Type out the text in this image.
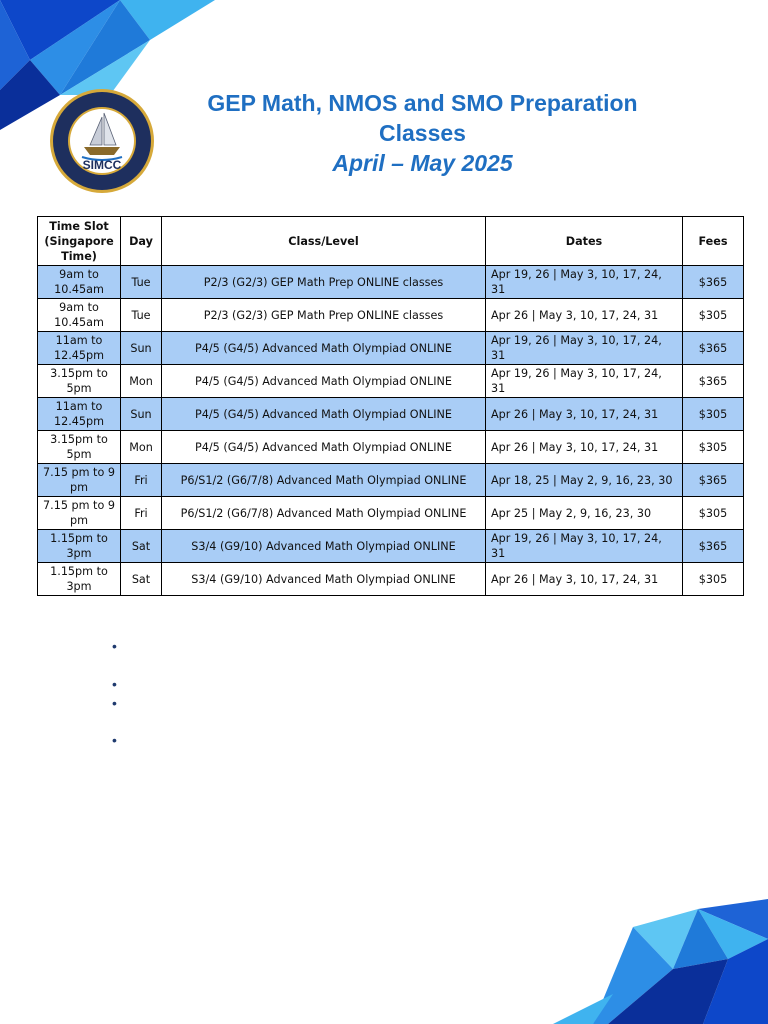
SIMCC
GEP Math, NMOS and SMO Preparation
Classes
April – May 2025
Time Slot (Singapore Time)	Day	Class/Level	Dates	Fees
9am to 10.45am	Tue	P2/3 (G2/3) GEP Math Prep ONLINE classes	Apr 19, 26 | May 3, 10, 17, 24, 31	$365
9am to 10.45am	Tue	P2/3 (G2/3) GEP Math Prep ONLINE classes	Apr 26 | May 3, 10, 17, 24, 31	$305
11am to 12.45pm	Sun	P4/5 (G4/5) Advanced Math Olympiad ONLINE	Apr 19, 26 | May 3, 10, 17, 24, 31	$365
3.15pm to 5pm	Mon	P4/5 (G4/5) Advanced Math Olympiad ONLINE	Apr 19, 26 | May 3, 10, 17, 24, 31	$365
11am to 12.45pm	Sun	P4/5 (G4/5) Advanced Math Olympiad ONLINE	Apr 26 | May 3, 10, 17, 24, 31	$305
3.15pm to 5pm	Mon	P4/5 (G4/5) Advanced Math Olympiad ONLINE	Apr 26 | May 3, 10, 17, 24, 31	$305
7.15 pm to 9 pm	Fri	P6/S1/2 (G6/7/8) Advanced Math Olympiad ONLINE	Apr 18, 25 | May 2, 9, 16, 23, 30	$365
7.15 pm to 9 pm	Fri	P6/S1/2 (G6/7/8) Advanced Math Olympiad ONLINE	Apr 25 | May 2, 9, 16, 23, 30	$305
1.15pm to 3pm	Sat	S3/4 (G9/10) Advanced Math Olympiad ONLINE	Apr 19, 26 | May 3, 10, 17, 24, 31	$365
1.15pm to 3pm	Sat	S3/4 (G9/10) Advanced Math Olympiad ONLINE	Apr 26 | May 3, 10, 17, 24, 31	$305
•
•
•
•
